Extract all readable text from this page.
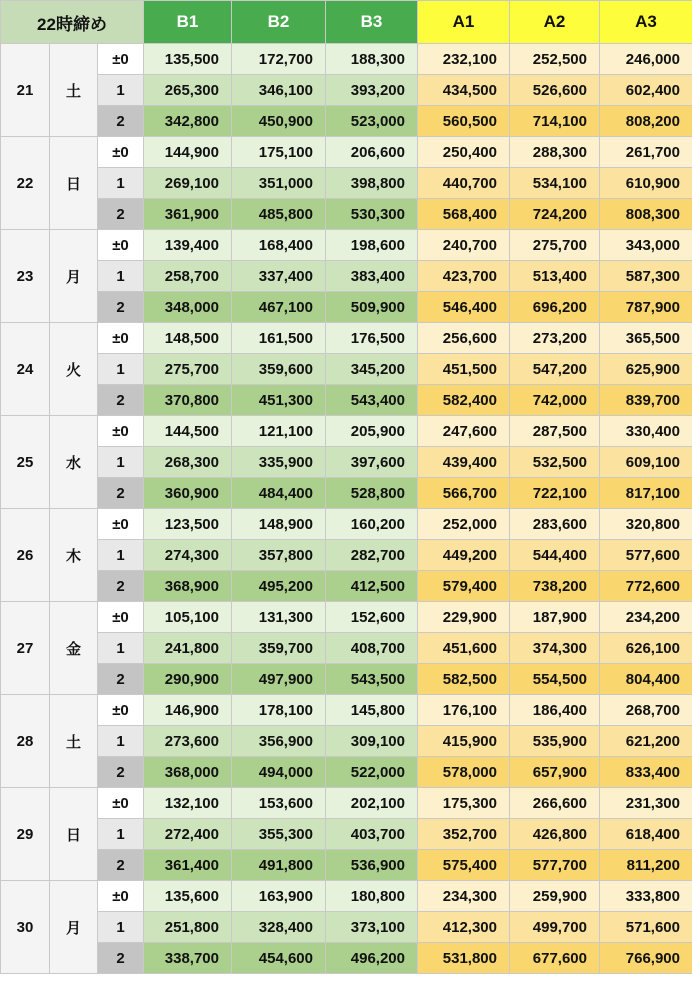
22時締め			B1	B2	B3	A1	A2	A3
21	土	±0	135,500	172,700	188,300	232,100	252,500	246,000
		1	265,300	346,100	393,200	434,500	526,600	602,400
		2	342,800	450,900	523,000	560,500	714,100	808,200
22	日	±0	144,900	175,100	206,600	250,400	288,300	261,700
		1	269,100	351,000	398,800	440,700	534,100	610,900
		2	361,900	485,800	530,300	568,400	724,200	808,300
23	月	±0	139,400	168,400	198,600	240,700	275,700	343,000
		1	258,700	337,400	383,400	423,700	513,400	587,300
		2	348,000	467,100	509,900	546,400	696,200	787,900
24	火	±0	148,500	161,500	176,500	256,600	273,200	365,500
		1	275,700	359,600	345,200	451,500	547,200	625,900
		2	370,800	451,300	543,400	582,400	742,000	839,700
25	水	±0	144,500	121,100	205,900	247,600	287,500	330,400
		1	268,300	335,900	397,600	439,400	532,500	609,100
		2	360,900	484,400	528,800	566,700	722,100	817,100
26	木	±0	123,500	148,900	160,200	252,000	283,600	320,800
		1	274,300	357,800	282,700	449,200	544,400	577,600
		2	368,900	495,200	412,500	579,400	738,200	772,600
27	金	±0	105,100	131,300	152,600	229,900	187,900	234,200
		1	241,800	359,700	408,700	451,600	374,300	626,100
		2	290,900	497,900	543,500	582,500	554,500	804,400
28	土	±0	146,900	178,100	145,800	176,100	186,400	268,700
		1	273,600	356,900	309,100	415,900	535,900	621,200
		2	368,000	494,000	522,000	578,000	657,900	833,400
29	日	±0	132,100	153,600	202,100	175,300	266,600	231,300
		1	272,400	355,300	403,700	352,700	426,800	618,400
		2	361,400	491,800	536,900	575,400	577,700	811,200
30	月	±0	135,600	163,900	180,800	234,300	259,900	333,800
		1	251,800	328,400	373,100	412,300	499,700	571,600
		2	338,700	454,600	496,200	531,800	677,600	766,900
